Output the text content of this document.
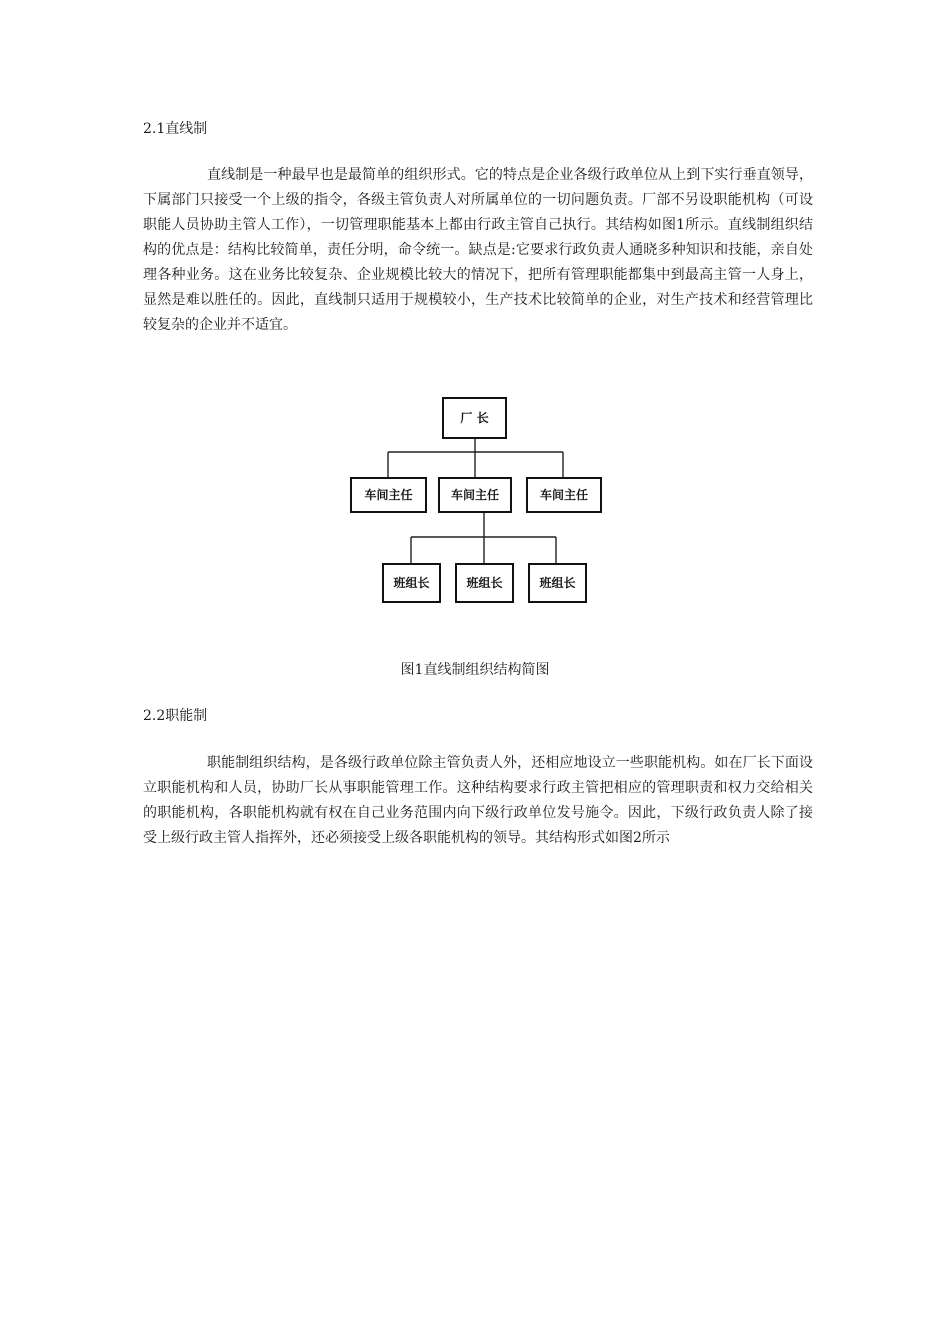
2.1直线制

直线制是一种最早也是最简单的组织形式。它的特点是企业各级行政单位从上到下实行垂直领导，下属部门只接受一个上级的指令，各级主管负责人对所属单位的一切问题负责。厂部不另设职能机构（可设职能人员协助主管人工作），一切管理职能基本上都由行政主管自己执行。其结构如图1所示。直线制组织结构的优点是：结构比较简单，责任分明，命令统一。缺点是:它要求行政负责人通晓多种知识和技能，亲自处理各种业务。这在业务比较复杂、企业规模比较大的情况下，把所有管理职能都集中到最高主管一人身上，显然是难以胜任的。因此，直线制只适用于规模较小，生产技术比较简单的企业，对生产技术和经营管理比较复杂的企业并不适宜。

厂 长
车间主任	车间主任	车间主任
班组长	班组长	班组长
图1直线制组织结构简图
2.2职能制

职能制组织结构，是各级行政单位除主管负责人外，还相应地设立一些职能机构。如在厂长下面设立职能机构和人员，协助厂长从事职能管理工作。这种结构要求行政主管把相应的管理职责和权力交给相关的职能机构，各职能机构就有权在自己业务范围内向下级行政单位发号施令。因此，下级行政负责人除了接受上级行政主管人指挥外，还必须接受上级各职能机构的领导。其结构形式如图2所示
